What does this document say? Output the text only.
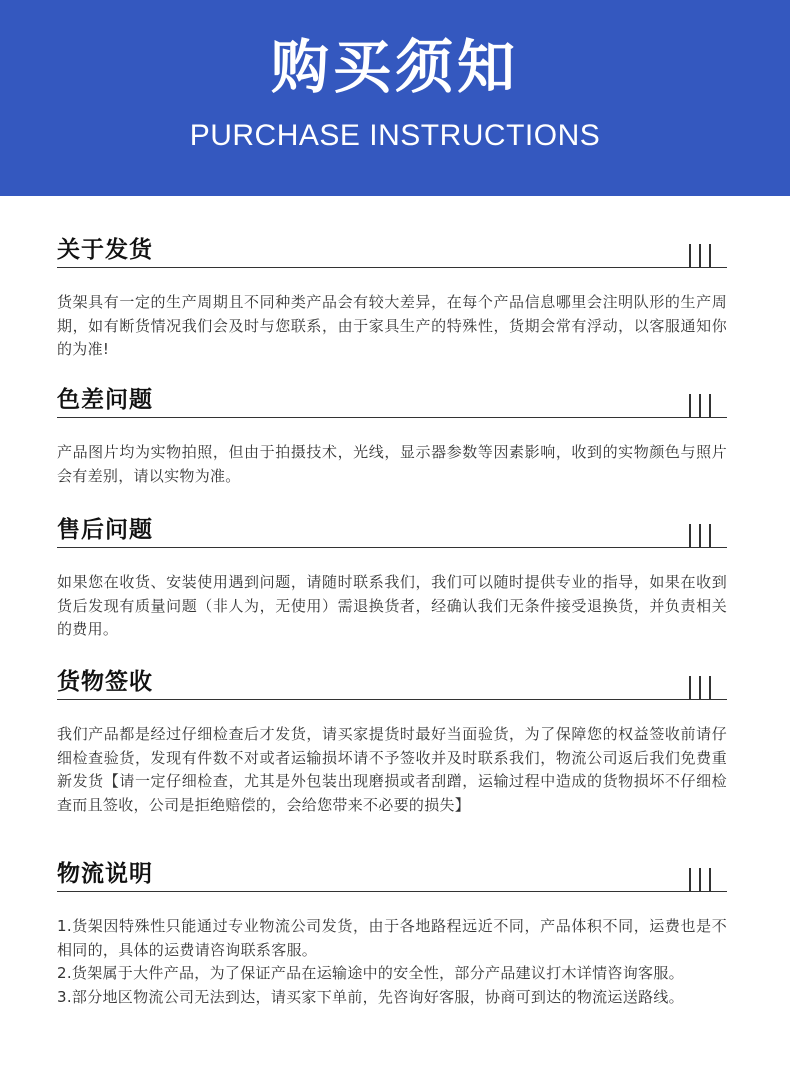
购买须知
PURCHASE INSTRUCTIONS
关于发货

货架具有一定的生产周期且不同种类产品会有较大差异，在每个产品信息哪里会注明队形的生产周期，如有断货情况我们会及时与您联系，由于家具生产的特殊性，货期会常有浮动，以客服通知你的为准!

色差问题

产品图片均为实物拍照，但由于拍摄技术，光线，显示器参数等因素影响，收到的实物颜色与照片会有差别，请以实物为准。

售后问题

如果您在收货、安装使用遇到问题，请随时联系我们，我们可以随时提供专业的指导，如果在收到货后发现有质量问题（非人为，无使用）需退换货者，经确认我们无条件接受退换货，并负责相关的费用。

货物签收

我们产品都是经过仔细检查后才发货，请买家提货时最好当面验货，为了保障您的权益签收前请仔细检查验货，发现有件数不对或者运输损坏请不予签收并及时联系我们，物流公司返后我们免费重新发货【请一定仔细检查，尤其是外包装出现磨损或者刮蹭，运输过程中造成的货物损坏不仔细检查而且签收，公司是拒绝赔偿的，会给您带来不必要的损失】

物流说明

1.货架因特殊性只能通过专业物流公司发货，由于各地路程远近不同，产品体积不同，运费也是不相同的，具体的运费请咨询联系客服。

2.货架属于大件产品，为了保证产品在运输途中的安全性，部分产品建议打木详情咨询客服。

3.部分地区物流公司无法到达，请买家下单前，先咨询好客服，协商可到达的物流运送路线。
